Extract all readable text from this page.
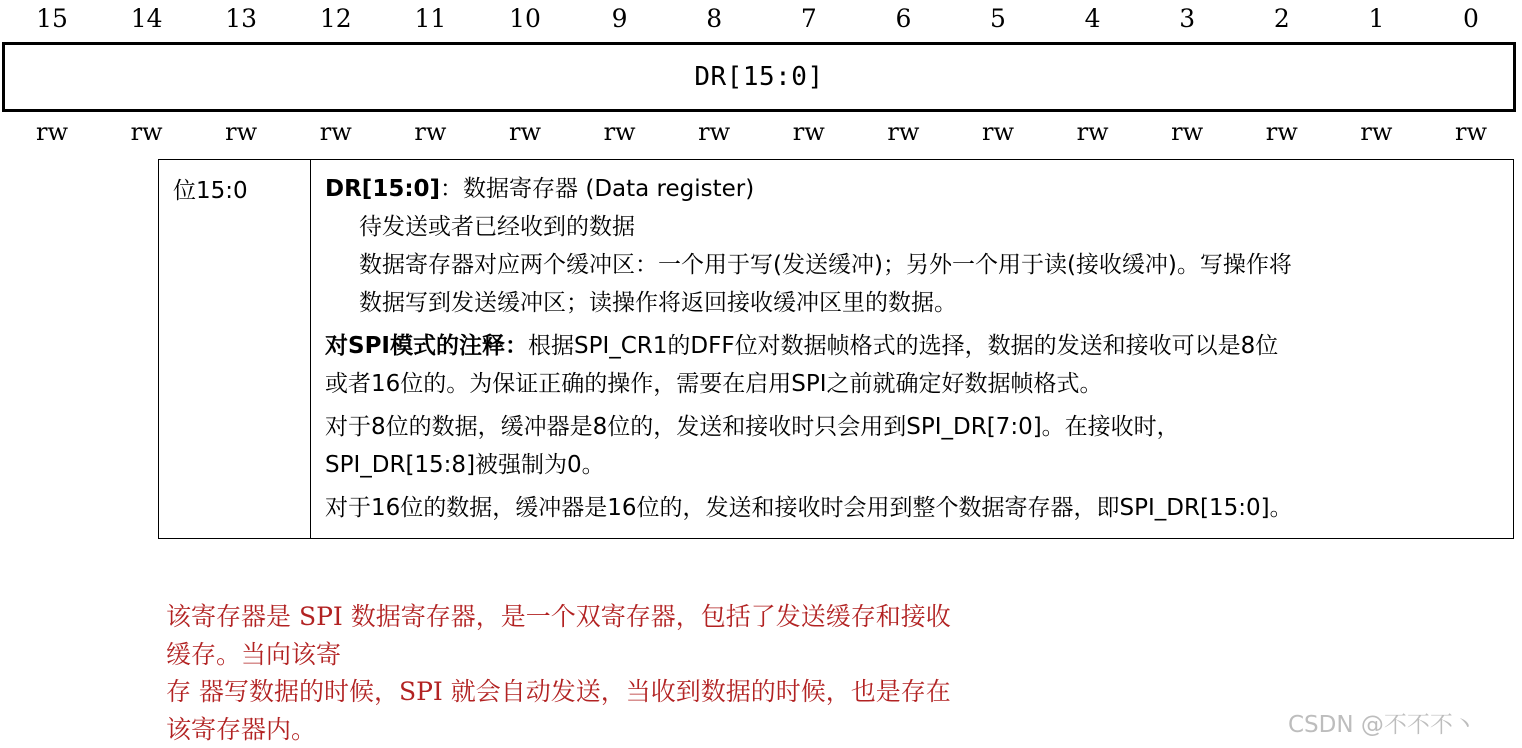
15	14	13	12	11	10	9	8	7	6	5	4	3	2	1	0
DR[15:0]
rw	rw	rw	rw	rw	rw	rw	rw	rw	rw	rw	rw	rw	rw	rw	rw
位15:0	DR[15:0]：数据寄存器 (Data register)

待发送或者已经收到的数据

数据寄存器对应两个缓冲区：一个用于写(发送缓冲)；另外一个用于读(接收缓冲)。写操作将

数据写到发送缓冲区；读操作将返回接收缓冲区里的数据。

对SPI模式的注释：根据SPI_CR1的DFF位对数据帧格式的选择，数据的发送和接收可以是8位

或者16位的。为保证正确的操作，需要在启用SPI之前就确定好数据帧格式。

对于8位的数据，缓冲器是8位的，发送和接收时只会用到SPI_DR[7:0]。在接收时，

SPI_DR[15:8]被强制为0。

对于16位的数据，缓冲器是16位的，发送和接收时会用到整个数据寄存器，即SPI_DR[15:0]。

该寄存器是 SPI 数据寄存器，是一个双寄存器，包括了发送缓存和接收

缓存。当向该寄

存 器写数据的时候，SPI 就会自动发送，当收到数据的时候，也是存在

该寄存器内。	CSDN @不不不丶
